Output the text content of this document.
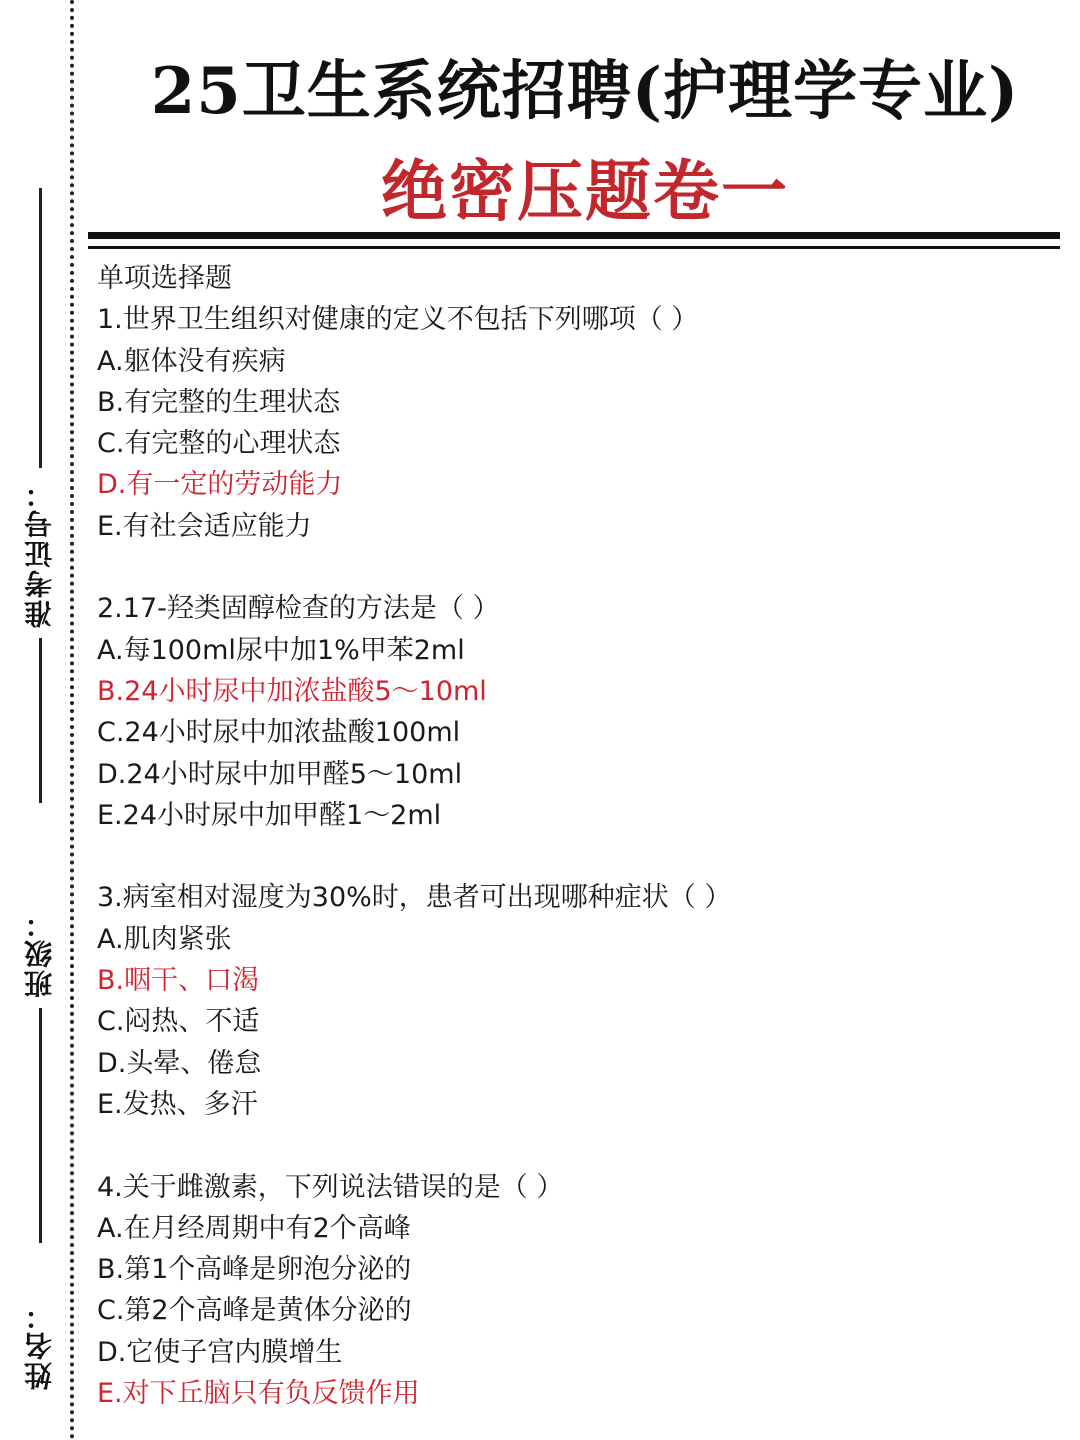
准考证号：
班级：
姓名：
25卫生系统招聘(护理学专业)
绝密压题卷一
单项选择题
1.世界卫生组织对健康的定义不包括下列哪项（ ）
A.躯体没有疾病
B.有完整的生理状态
C.有完整的心理状态
D.有一定的劳动能力
E.有社会适应能力
2.17-羟类固醇检查的方法是（ ）
A.每100ml尿中加1%甲苯2ml
B.24小时尿中加浓盐酸5～10ml
C.24小时尿中加浓盐酸100ml
D.24小时尿中加甲醛5～10ml
E.24小时尿中加甲醛1～2ml
3.病室相对湿度为30%时，患者可出现哪种症状（ ）
A.肌肉紧张
B.咽干、口渴
C.闷热、不适
D.头晕、倦怠
E.发热、多汗
4.关于雌激素，下列说法错误的是（ ）
A.在月经周期中有2个高峰
B.第1个高峰是卵泡分泌的
C.第2个高峰是黄体分泌的
D.它使子宫内膜增生
E.对下丘脑只有负反馈作用
